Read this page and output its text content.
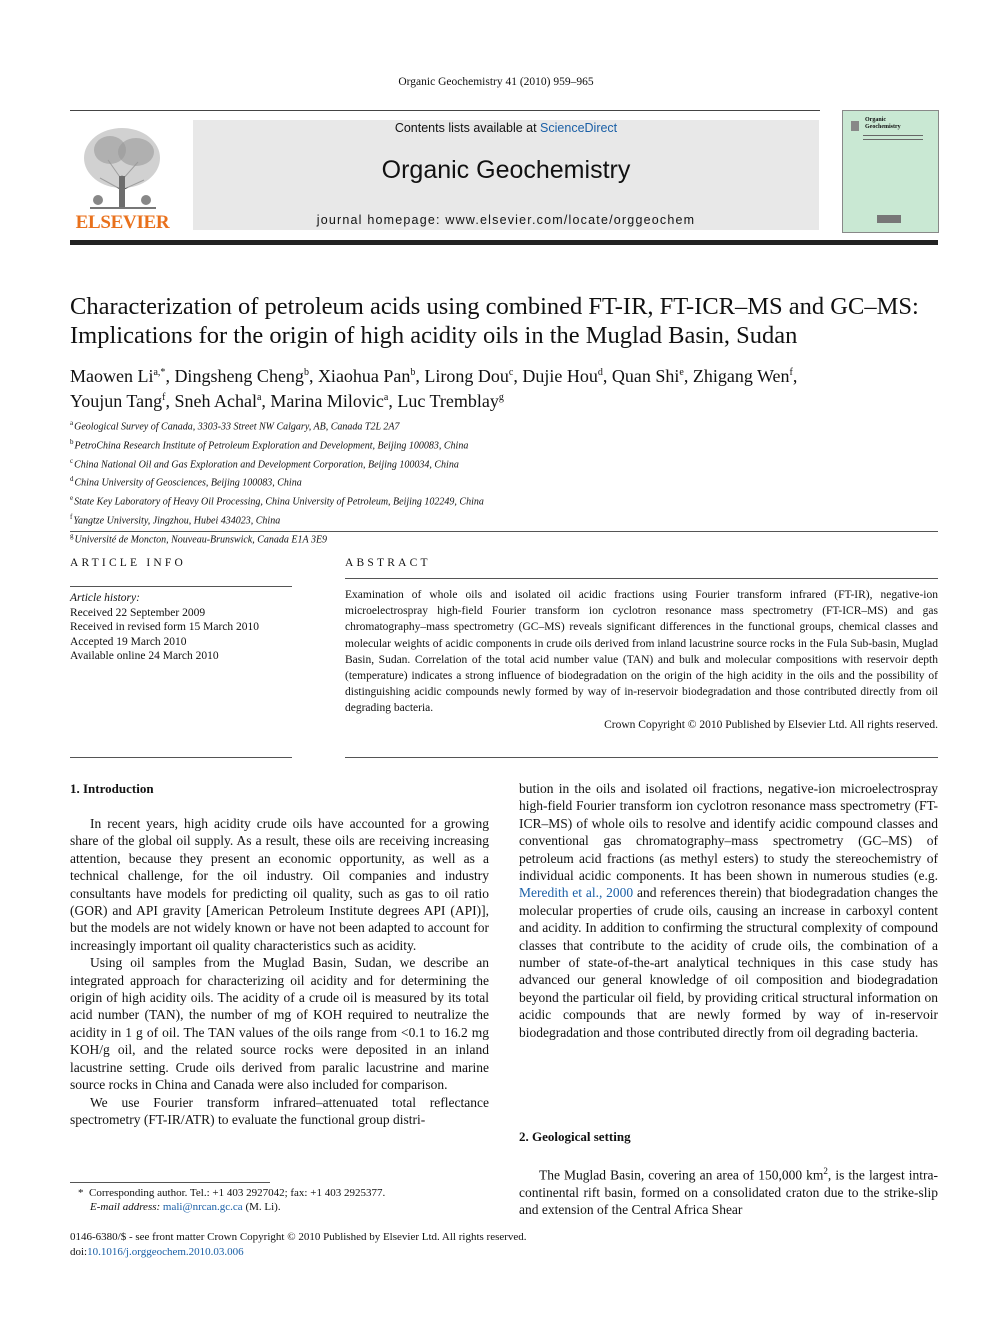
Organic Geochemistry 41 (2010) 959–965
ELSEVIER
Contents lists available at ScienceDirect
Organic Geochemistry
journal homepage: www.elsevier.com/locate/orggeochem
Organic Geochemistry
Characterization of petroleum acids using combined FT-IR, FT-ICR–MS and GC–MS:
Implications for the origin of high acidity oils in the Muglad Basin, Sudan
Maowen $Li^{a,*}$, Dingsheng Cheng$^b$, Xiaohua Pan$^b$, Lirong Dou$^c$, Dujie Hou$^d$, Quan Shi$^e$, Zhigang Wen$^f$,
Youjun Tang$^f$, Sneh Achal$^a$, Marina Milovic$^a$, Luc Tremblay$^g$
$^a$Geological Survey of Canada, 3303-33 Street NW Calgary, AB, Canada T2L 2A7
$^b$PetroChina Research Institute of Petroleum Exploration and Development, Beijing 100083, China
$^c$China National Oil and Gas Exploration and Development Corporation, Beijing 100034, China
$^d$China University of Geosciences, Beijing 100083, China
$^e$State Key Laboratory of Heavy Oil Processing, China University of Petroleum, Beijing 102249, China
$^f$Yangtze University, Jingzhou, Hubei 434023, China
$^g$Université de Moncton, Nouveau-Brunswick, Canada E1A 3E9
ARTICLE INFO
Article history:
Received 22 September 2009
Received in revised form 15 March 2010
Accepted 19 March 2010
Available online 24 March 2010
ABSTRACT
Examination of whole oils and isolated oil acidic fractions using Fourier transform infrared (FT-IR), negative-ion microelectrospray high-field Fourier transform ion cyclotron resonance mass spectrometry (FT-ICR–MS) and gas chromatography–mass spectrometry (GC–MS) reveals significant differences in the functional groups, chemical classes and molecular weights of acidic components in crude oils derived from inland lacustrine source rocks in the Fula Sub-basin, Muglad Basin, Sudan. Correlation of the total acid number value (TAN) and bulk and molecular compositions with reservoir depth (temperature) indicates a strong influence of biodegradation on the origin of the high acidity in the oils and the possibility of distinguishing acidic compounds newly formed by way of in-reservoir biodegradation and those contributed directly from oil degrading bacteria.
Crown Copyright © 2010 Published by Elsevier Ltd. All rights reserved.
1. Introduction

In recent years, high acidity crude oils have accounted for a growing share of the global oil supply. As a result, these oils are receiving increasing attention, because they present an economic opportunity, as well as a technical challenge, for the oil industry. Oil companies and industry consultants have models for predicting oil quality, such as gas to oil ratio (GOR) and API gravity [American Petroleum Institute degrees API (API)], but the models are not widely known or have not been adapted to account for increasingly important oil quality characteristics such as acidity.

Using oil samples from the Muglad Basin, Sudan, we describe an integrated approach for characterizing oil acidity and for determining the origin of high acidity oils. The acidity of a crude oil is measured by its total acid number (TAN), the number of mg of KOH required to neutralize the acidity in 1 g of oil. The TAN values of the oils range from <0.1 to 16.2 mg KOH/g oil, and the related source rocks were deposited in an inland lacustrine setting. Crude oils derived from paralic lacustrine and marine source rocks in China and Canada were also included for comparison.

We use Fourier transform infrared–attenuated total reflectance spectrometry (FT-IR/ATR) to evaluate the functional group distri-

bution in the oils and isolated oil fractions, negative-ion microelectrospray high-field Fourier transform ion cyclotron resonance mass spectrometry (FT-ICR–MS) of whole oils to resolve and identify acidic compound classes and conventional gas chromatography–mass spectrometry (GC–MS) of petroleum acid fractions (as methyl esters) to study the stereochemistry of individual acidic components. It has been shown in numerous studies (e.g. Meredith et al., 2000 and references therein) that biodegradation changes the molecular properties of crude oils, causing an increase in carboxyl content and acidity. In addition to confirming the structural complexity of compound classes that contribute to the acidity of crude oils, the combination of a number of state-of-the-art analytical techniques in this case study has advanced our general knowledge of oil composition and biodegradation beyond the particular oil field, by providing critical structural information on acidic compounds that are newly formed by way of in-reservoir biodegradation and those contributed directly from oil degrading bacteria.

2. Geological setting

The Muglad Basin, covering an area of 150,000 $km^2$, is the largest intra-continental rift basin, formed on a consolidated craton due to the strike-slip and extension of the Central Africa Shear

* Corresponding author. Tel.: +1 403 2927042; fax: +1 403 2925377.
E-mail address: mali@nrcan.gc.ca (M. Li).
0146-6380/$ - see front matter Crown Copyright © 2010 Published by Elsevier Ltd. All rights reserved.
doi:10.1016/j.orggeochem.2010.03.006
